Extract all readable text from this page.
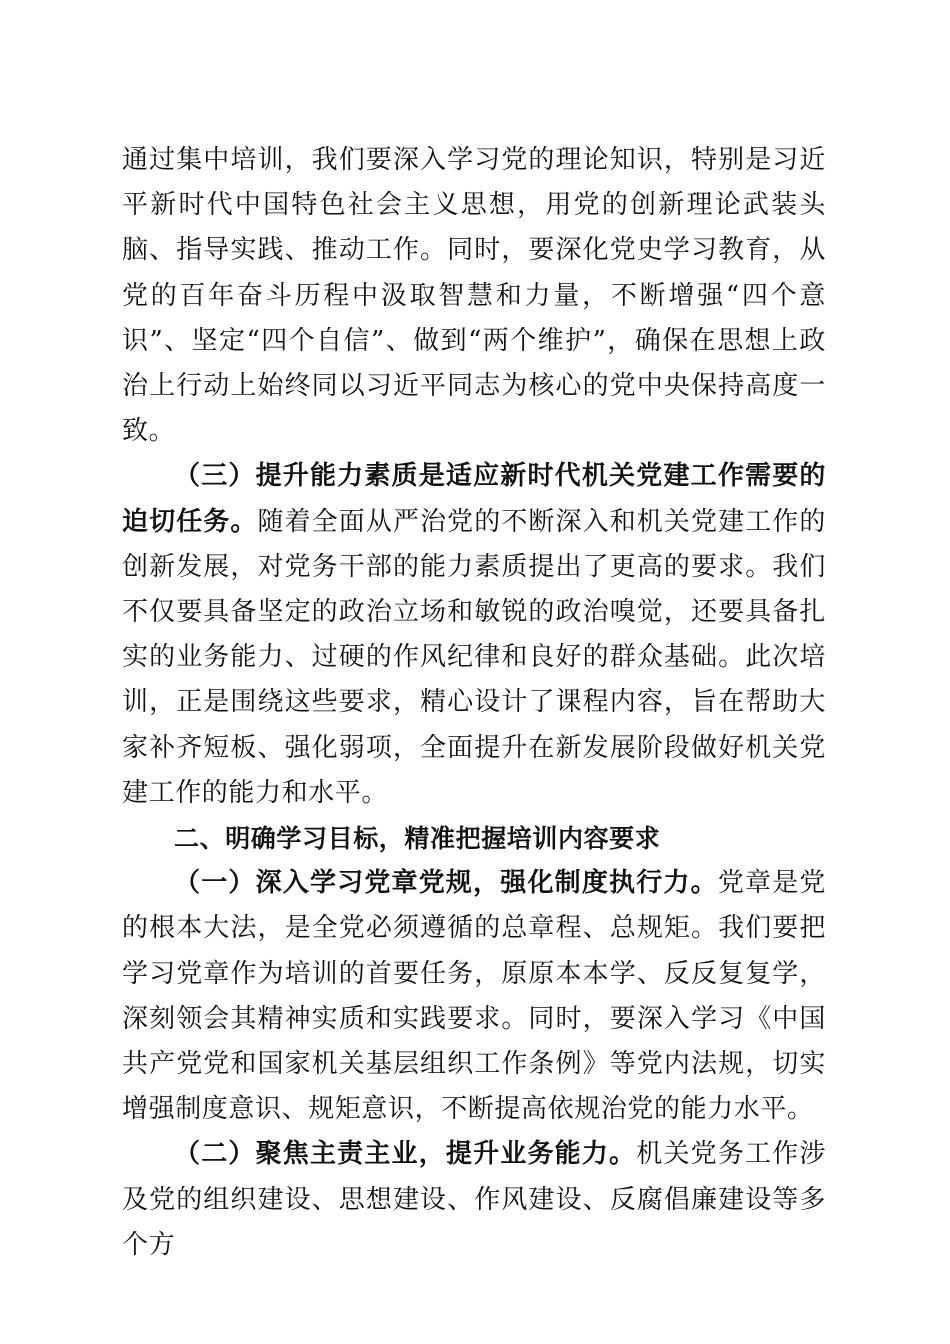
通过集中培训，我们要深入学习党的理论知识，特别是习近平新时代中国特色社会主义思想，用党的创新理论武装头脑、指导实践、推动工作。同时，要深化党史学习教育，从党的百年奋斗历程中汲取智慧和力量，不断增强“四个意识”、坚定“四个自信”、做到“两个维护”，确保在思想上政治上行动上始终同以习近平同志为核心的党中央保持高度一致。

（三）提升能力素质是适应新时代机关党建工作需要的迫切任务。随着全面从严治党的不断深入和机关党建工作的创新发展，对党务干部的能力素质提出了更高的要求。我们不仅要具备坚定的政治立场和敏锐的政治嗅觉，还要具备扎实的业务能力、过硬的作风纪律和良好的群众基础。此次培训，正是围绕这些要求，精心设计了课程内容，旨在帮助大家补齐短板、强化弱项，全面提升在新发展阶段做好机关党建工作的能力和水平。

二、明确学习目标，精准把握培训内容要求

（一）深入学习党章党规，强化制度执行力。党章是党的根本大法，是全党必须遵循的总章程、总规矩。我们要把学习党章作为培训的首要任务，原原本本学、反反复复学，深刻领会其精神实质和实践要求。同时，要深入学习《中国共产党党和国家机关基层组织工作条例》等党内法规，切实增强制度意识、规矩意识，不断提高依规治党的能力水平。

（二）聚焦主责主业，提升业务能力。机关党务工作涉及党的组织建设、思想建设、作风建设、反腐倡廉建设等多个方
